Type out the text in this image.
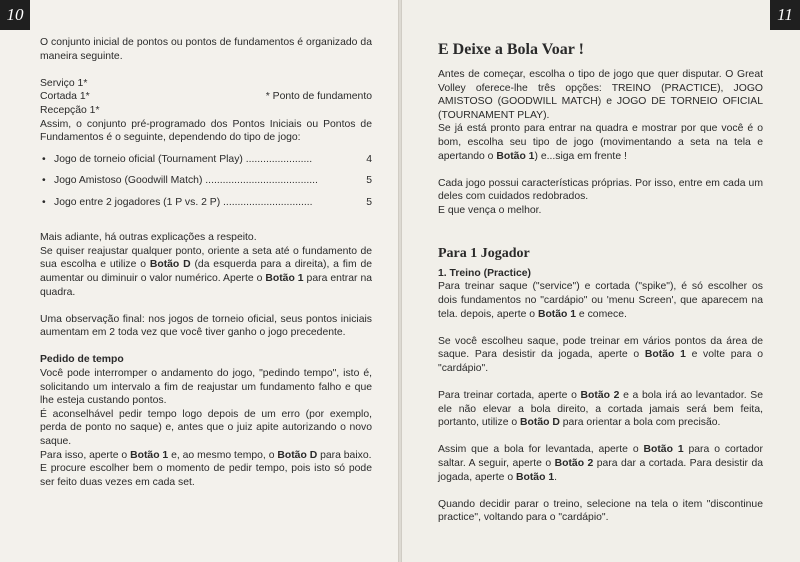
10

O conjunto inicial de pontos ou pontos de fundamentos é organizado da maneira seguinte.

Serviço 1*

Cortada 1*	* Ponto de fundamento

Recepção 1*

Assim, o conjunto pré-programado dos Pontos Iniciais ou Pontos de Fundamentos é o seguinte, dependendo do tipo de jogo:

• Jogo de torneio oficial (Tournament Play) .......................	4
• Jogo Amistoso (Goodwill Match) .......................................	5
• Jogo entre 2 jogadores (1 P vs. 2 P) ...............................	5

Mais adiante, há outras explicações a respeito.

Se quiser reajustar qualquer ponto, oriente a seta até o fundamento de sua escolha e utilize o Botão D (da esquerda para a direita), a fim de aumentar ou diminuir o valor numérico. Aperte o Botão 1 para entrar na quadra.

Uma observação final: nos jogos de torneio oficial, seus pontos iniciais aumentam em 2 toda vez que você tiver ganho o jogo precedente.

Pedido de tempo

Você pode interromper o andamento do jogo, "pedindo tempo", isto é, solicitando um intervalo a fim de reajustar um fundamento falho e que lhe esteja custando pontos.

É aconselhável pedir tempo logo depois de um erro (por exemplo, perda de ponto no saque) e, antes que o juiz apite autorizando o novo saque.

Para isso, aperte o Botão 1 e, ao mesmo tempo, o Botão D para baixo.

E procure escolher bem o momento de pedir tempo, pois isto só pode ser feito duas vezes em cada set.

11

E Deixe a Bola Voar !

Antes de começar, escolha o tipo de jogo que quer disputar. O Great Volley oferece-lhe três opções: TREINO (PRACTICE), JOGO AMISTOSO (GOODWILL MATCH) e JOGO DE TORNEIO OFICIAL (TOURNAMENT PLAY).

Se já está pronto para entrar na quadra e mostrar por que você é o bom, escolha seu tipo de jogo (movimentando a seta na tela e apertando o Botão 1) e...siga em frente !

Cada jogo possui características próprias. Por isso, entre em cada um deles com cuidados redobrados.

E que vença o melhor.

Para 1 Jogador

1. Treino (Practice)

Para treinar saque ("service") e cortada ("spike"), é só escolher os dois fundamentos no "cardápio" ou 'menu Screen', que aparecem na tela. depois, aperte o Botão 1 e comece.

Se você escolheu saque, pode treinar em vários pontos da área de saque. Para desistir da jogada, aperte o Botão 1 e volte para o "cardápio".

Para treinar cortada, aperte o Botão 2 e a bola irá ao levantador. Se ele não elevar a bola direito, a cortada jamais será bem feita, portanto, utilize o Botão D para orientar a bola com precisão.

Assim que a bola for levantada, aperte o Botão 1 para o cortador saltar. A seguir, aperte o Botão 2 para dar a cortada. Para desistir da jogada, aperte o Botão 1.

Quando decidir parar o treino, selecione na tela o item "discontinue practice", voltando para o "cardápio".
